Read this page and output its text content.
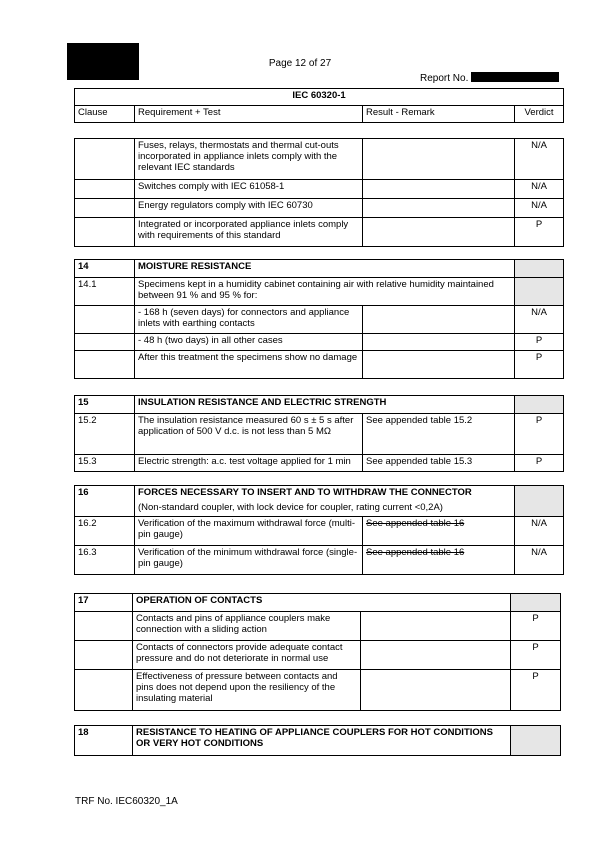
Page 12 of 27
Report No.
IEC 60320-1
Clause	Requirement + Test	Result - Remark	Verdict
	Fuses, relays, thermostats and thermal cut-outs incorporated in appliance inlets comply with the relevant IEC standards		N/A
	Switches comply with IEC 61058-1		N/A
	Energy regulators comply with IEC 60730		N/A
	Integrated or incorporated appliance inlets comply with requirements of this standard		P
14	MOISTURE RESISTANCE		
14.1	Specimens kept in a humidity cabinet containing air with relative humidity maintained between 91 % and 95 % for:		
	- 168 h (seven days) for connectors and appliance inlets with earthing contacts		N/A
	- 48 h (two days) in all other cases		P
	After this treatment the specimens show no damage		P
15	INSULATION RESISTANCE AND ELECTRIC STRENGTH		
15.2	The insulation resistance measured 60 s ± 5 s after application of 500 V d.c. is not less than 5 MΩ	See appended table 15.2	P
15.3	Electric strength: a.c. test voltage applied for 1 min	See appended table 15.3	P
16	FORCES NECESSARY TO INSERT AND TO WITHDRAW THE CONNECTOR
(Non-standard coupler, with lock device for coupler, rating current <0,2A)		

16.2	Verification of the maximum withdrawal force (multi-pin gauge)	See appended table 16	N/A
16.3	Verification of the minimum withdrawal force (single-pin gauge)	See appended table 16	N/A
17	OPERATION OF CONTACTS		
	Contacts and pins of appliance couplers make connection with a sliding action		P
	Contacts of connectors provide adequate contact pressure and do not deteriorate in normal use		P
	Effectiveness of pressure between contacts and pins does not depend upon the resiliency of the insulating material		P
18	RESISTANCE TO HEATING OF APPLIANCE COUPLERS FOR HOT CONDITIONS OR VERY HOT CONDITIONS	
TRF No. IEC60320_1A
